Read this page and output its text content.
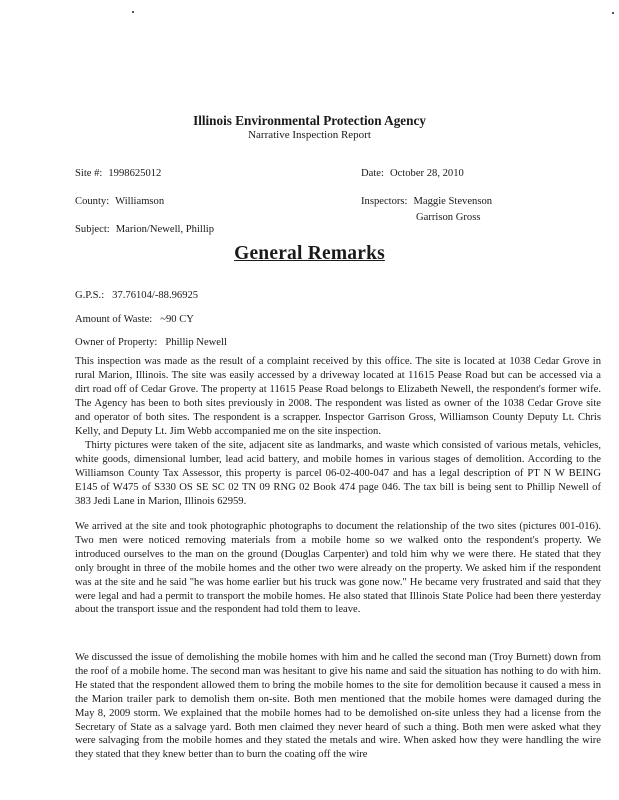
Illinois Environmental Protection Agency
Narrative Inspection Report
Site #: 1998625012	Date: October 28, 2010
County: Williamson	Inspectors: Maggie Stevenson
Garrison Gross
Subject: Marion/Newell, Phillip
General Remarks
G.P.S.: 37.76104/-88.96925
Amount of Waste: ~90 CY
Owner of Property: Phillip Newell

This inspection was made as the result of a complaint received by this office. The site is located at 1038 Cedar Grove in rural Marion, Illinois. The site was easily accessed by a driveway located at 11615 Pease Road but can be accessed via a dirt road off of Cedar Grove. The property at 11615 Pease Road belongs to Elizabeth Newell, the respondent's former wife. The Agency has been to both sites previously in 2008. The respondent was listed as owner of the 1038 Cedar Grove site and operator of both sites. The respondent is a scrapper. Inspector Garrison Gross, Williamson County Deputy Lt. Chris Kelly, and Deputy Lt. Jim Webb accompanied me on the site inspection.

Thirty pictures were taken of the site, adjacent site as landmarks, and waste which consisted of various metals, vehicles, white goods, dimensional lumber, lead acid battery, and mobile homes in various stages of demolition. According to the Williamson County Tax Assessor, this property is parcel 06-02-400-047 and has a legal description of PT N W BEING E145 of W475 of S330 OS SE SC 02 TN 09 RNG 02 Book 474 page 046. The tax bill is being sent to Phillip Newell of 383 Jedi Lane in Marion, Illinois 62959.

We arrived at the site and took photographic photographs to document the relationship of the two sites (pictures 001-016). Two men were noticed removing materials from a mobile home so we walked onto the respondent's property. We introduced ourselves to the man on the ground (Douglas Carpenter) and told him why we were there. He stated that they only brought in three of the mobile homes and the other two were already on the property. We asked him if the respondent was at the site and he said "he was home earlier but his truck was gone now." He became very frustrated and said that they were legal and had a permit to transport the mobile homes. He also stated that Illinois State Police had been there yesterday about the transport issue and the respondent had told them to leave.

We discussed the issue of demolishing the mobile homes with him and he called the second man (Troy Burnett) down from the roof of a mobile home. The second man was hesitant to give his name and said the situation has nothing to do with him. He stated that the respondent allowed them to bring the mobile homes to the site for demolition because it caused a mess in the Marion trailer park to demolish them on-site. Both men mentioned that the mobile homes were damaged during the May 8, 2009 storm. We explained that the mobile homes had to be demolished on-site unless they had a license from the Secretary of State as a salvage yard. Both men claimed they never heard of such a thing. Both men were asked what they were salvaging from the mobile homes and they stated the metals and wire. When asked how they were handling the wire they stated that they knew better than to burn the coating off the wire
